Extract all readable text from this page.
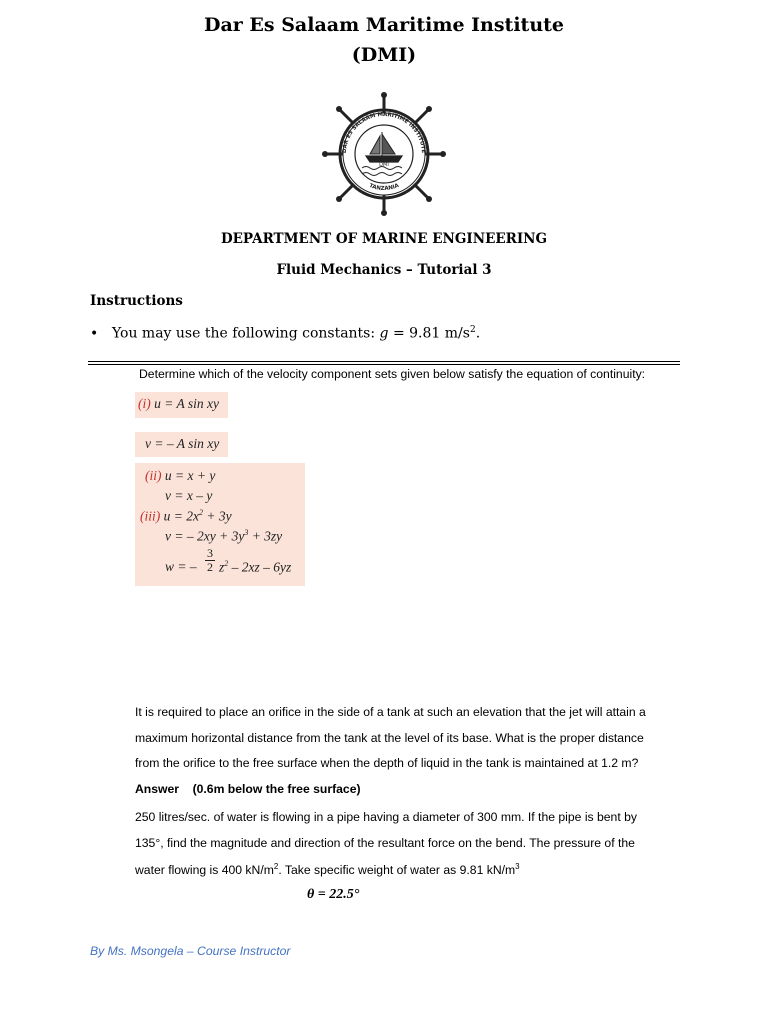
Dar Es Salaam Maritime Institute
(DMI)
DMI
DAR ES SALAAM MARITIME INSTITUTE
TANZANIA
DEPARTMENT OF MARINE ENGINEERING
Fluid Mechanics – Tutorial 3
Instructions
• You may use the following constants: g = 9.81 $m/s^2$.
Determine which of the velocity component sets given below satisfy the equation of continuity:
(i) u = A sin xy
v = – A sin xy
(ii) u = x + y
v = x – y
(iii) $u = 2x^2 + 3y$
v = – $2xy + 3y^3 + 3zy$
w = –
3
2 $z^2 - 2xz - 6yz$
It is required to place an orifice in the side of a tank at such an elevation that the jet will attain a
maximum horizontal distance from the tank at the level of its base. What is the proper distance
from the orifice to the free surface when the depth of liquid in the tank is maintained at 1.2 m?
Answer    (0.6m below the free surface)
250 litres/sec. of water is flowing in a pipe having a diameter of 300 mm. If the pipe is bent by
135°, find the magnitude and direction of the resultant force on the bend. The pressure of the
water flowing is 400 $kN/m^2$. Take specific weight of water as 9.81 $kN/m^3$
θ = 22.5°
By Ms. Msongela – Course Instructor
